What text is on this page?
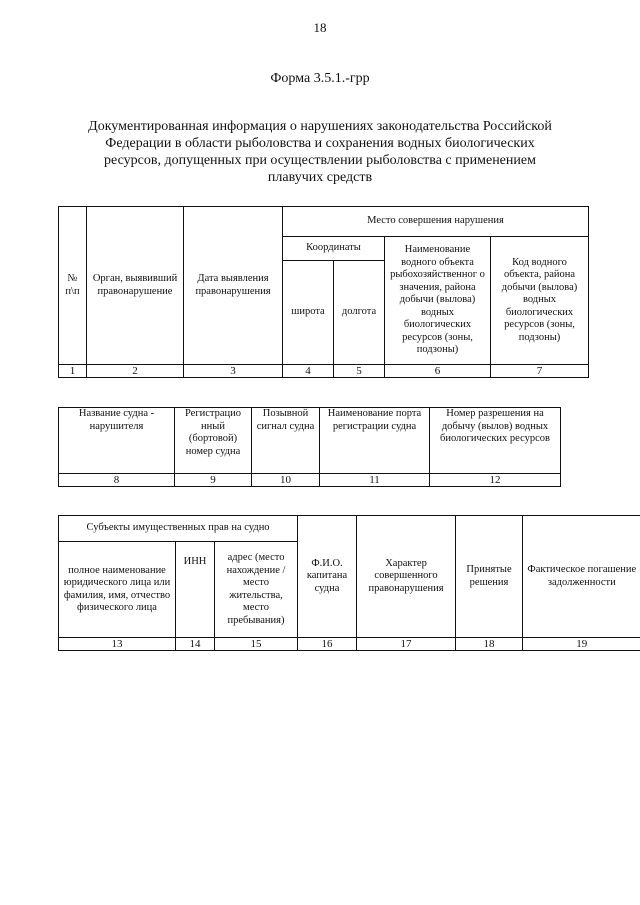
18
Форма 3.5.1.-грр
Документированная информация о нарушениях законодательства Российской Федерации в области рыболовства и сохранения водных биологических ресурсов, допущенных при осуществлении рыболовства с применением плавучих средств
№ п\п	Орган, выявивший правонарушение	Дата выявления правонарушения	Место совершения нарушения			
			Координаты		Наименование водного объекта рыбохозяйственног о значения, района добычи (вылова) водных биологических ресурсов (зоны, подзоны)	Код водного объекта, района добычи (вылова) водных биологических ресурсов (зоны, подзоны)
			широта	долгота		
1	2	3	4	5	6	7
Название судна - нарушителя	Регистрацио нный (бортовой) номер судна	Позывной сигнал судна	Наименование порта регистрации судна	Номер разрешения на добычу (вылов) водных биологических ресурсов
8	9	10	11	12
Субъекты имущественных прав на судно			Ф.И.О. капитана судна	Характер совершенного правонарушения	Принятые решения	Фактическое погашение задолженности
полное наименование юридического лица или фамилия, имя, отчество физического лица	ИНН	адрес (место нахождение / место жительства, место пребывания)				
13	14	15	16	17	18	19
